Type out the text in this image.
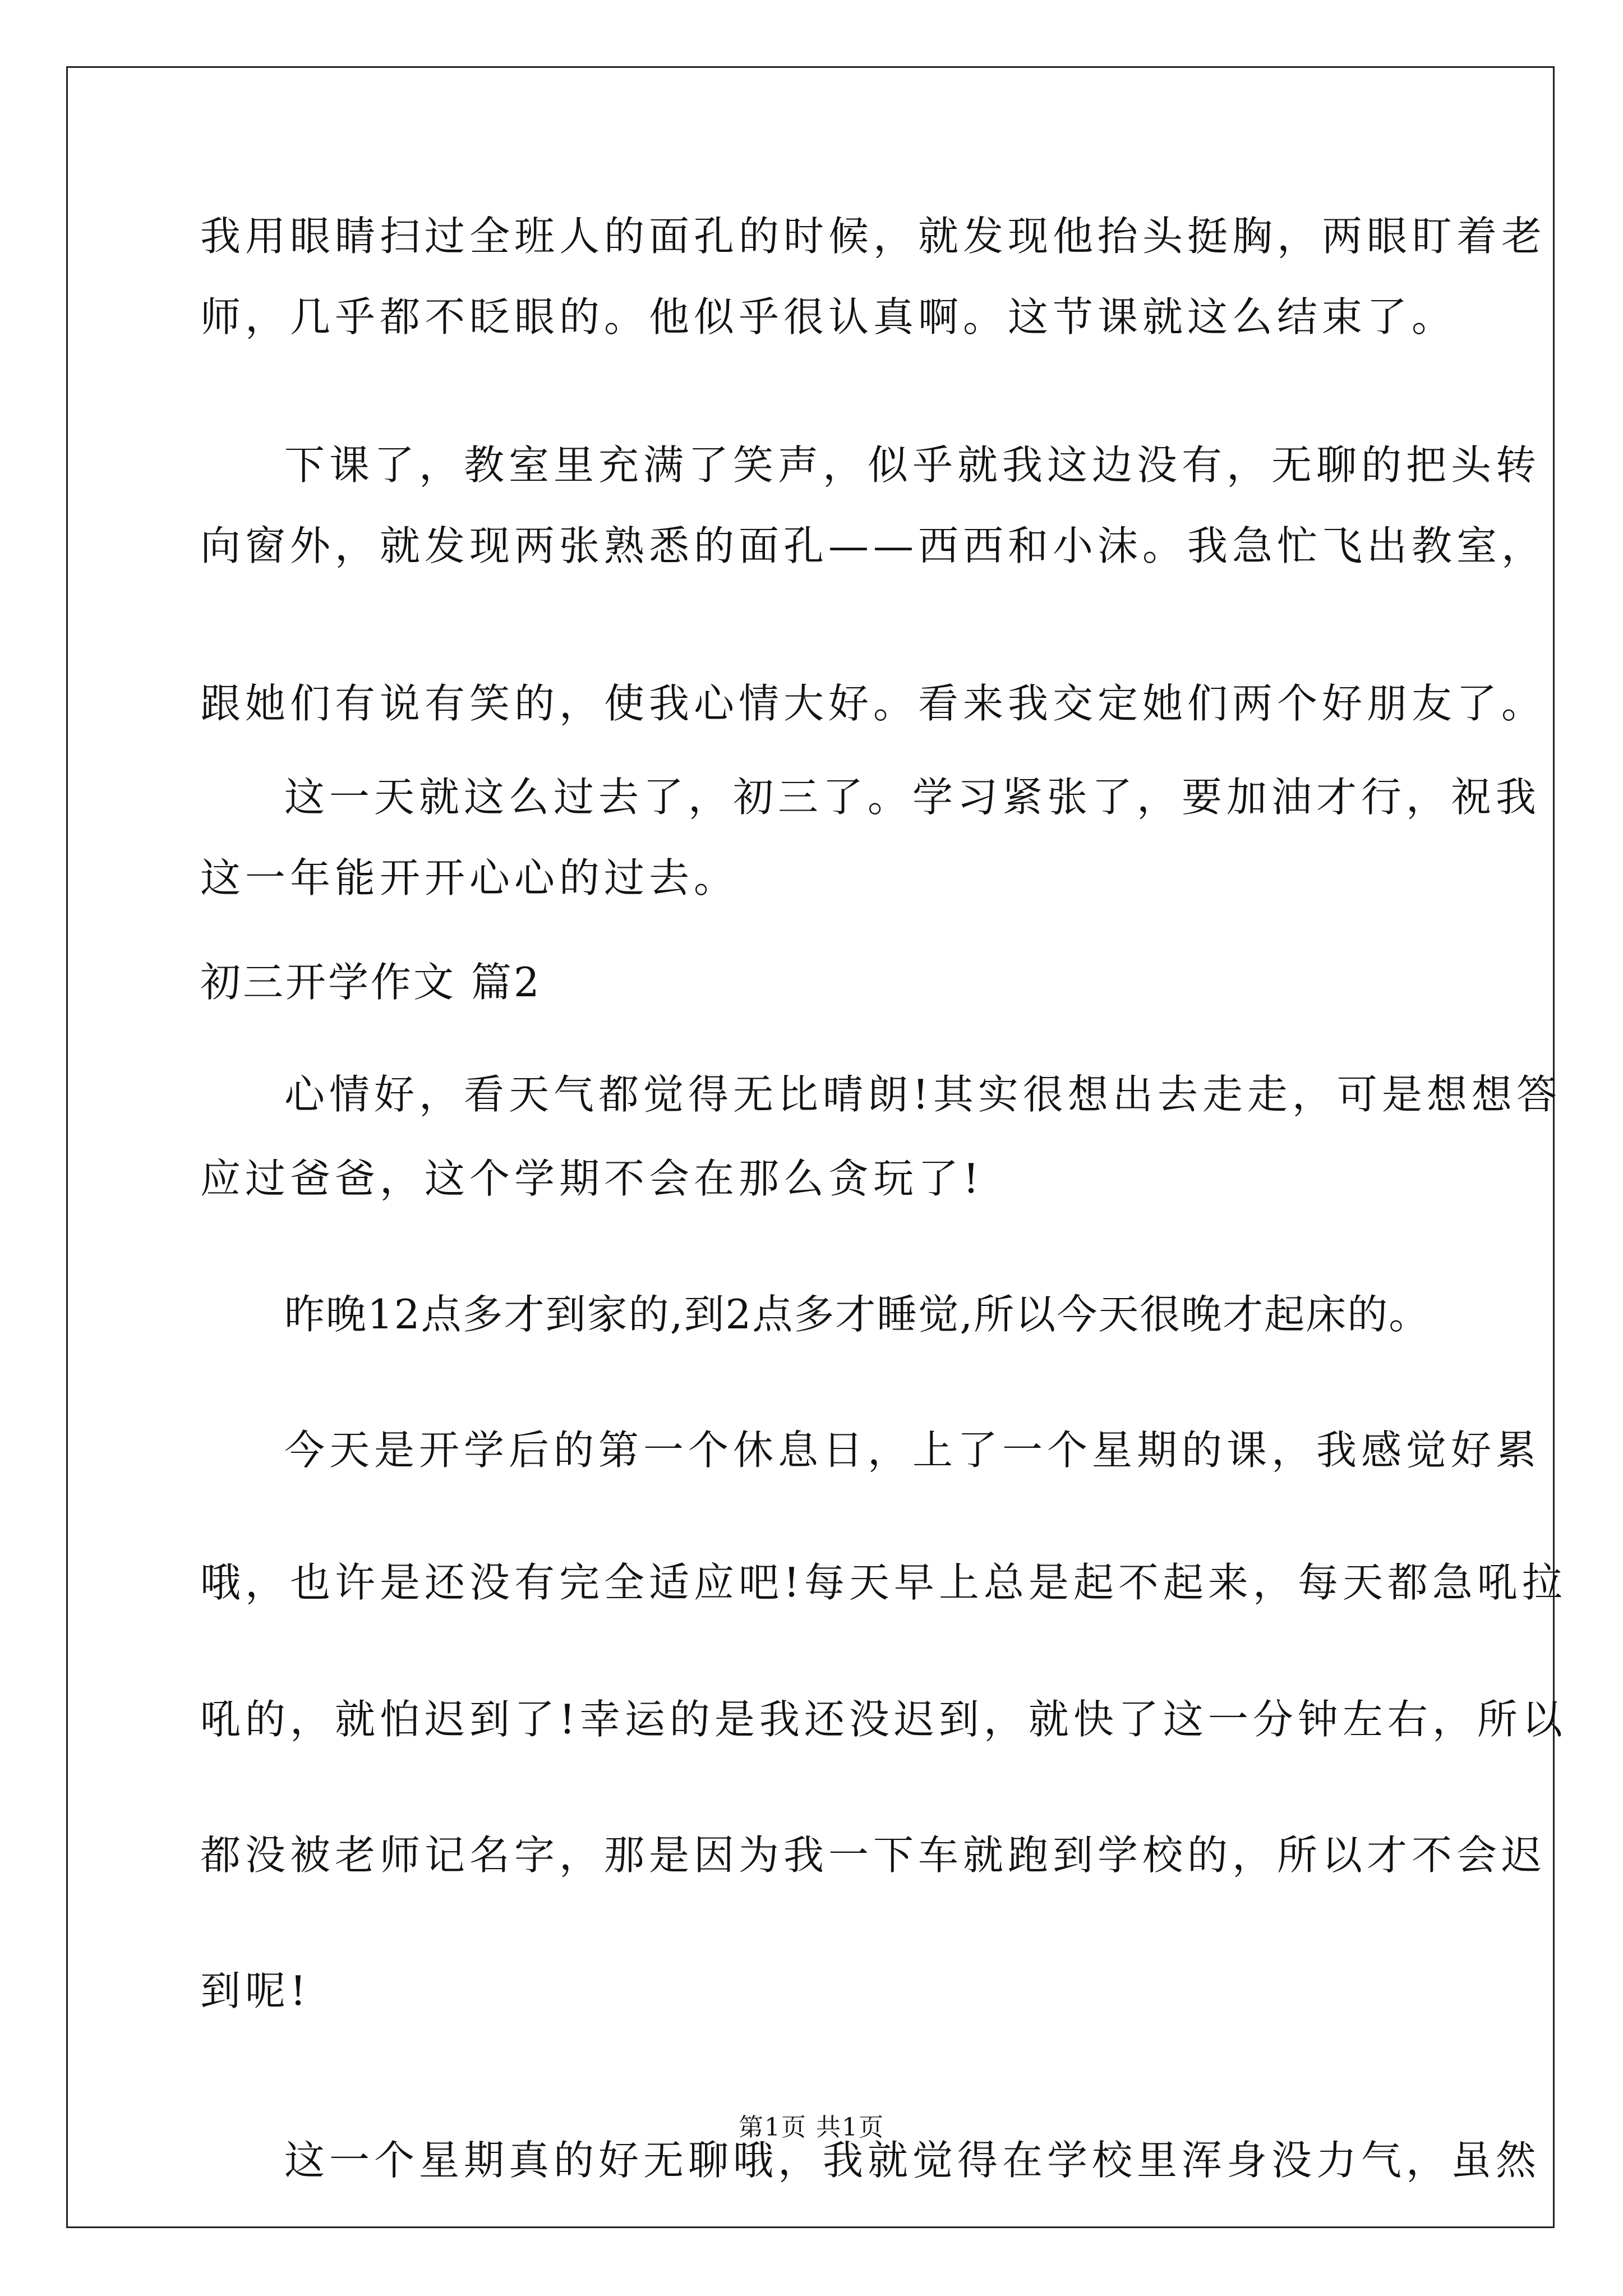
我用眼睛扫过全班人的面孔的时候，就发现他抬头挺胸，两眼盯着老
师，几乎都不眨眼的。他似乎很认真啊。这节课就这么结束了。
下课了，教室里充满了笑声，似乎就我这边没有，无聊的把头转
向窗外，就发现两张熟悉的面孔——西西和小沫。我急忙飞出教室，
跟她们有说有笑的，使我心情大好。看来我交定她们两个好朋友了。
这一天就这么过去了，初三了。学习紧张了，要加油才行，祝我
这一年能开开心心的过去。
初三开学作文 篇2
心情好，看天气都觉得无比晴朗!其实很想出去走走，可是想想答
应过爸爸，这个学期不会在那么贪玩了!
昨晚12点多才到家的,到2点多才睡觉,所以今天很晚才起床的。
今天是开学后的第一个休息日，上了一个星期的课，我感觉好累
哦，也许是还没有完全适应吧!每天早上总是起不起来，每天都急吼拉
吼的，就怕迟到了!幸运的是我还没迟到，就快了这一分钟左右，所以
都没被老师记名字，那是因为我一下车就跑到学校的，所以才不会迟
到呢!
这一个星期真的好无聊哦，我就觉得在学校里浑身没力气，虽然
第1页 共1页
